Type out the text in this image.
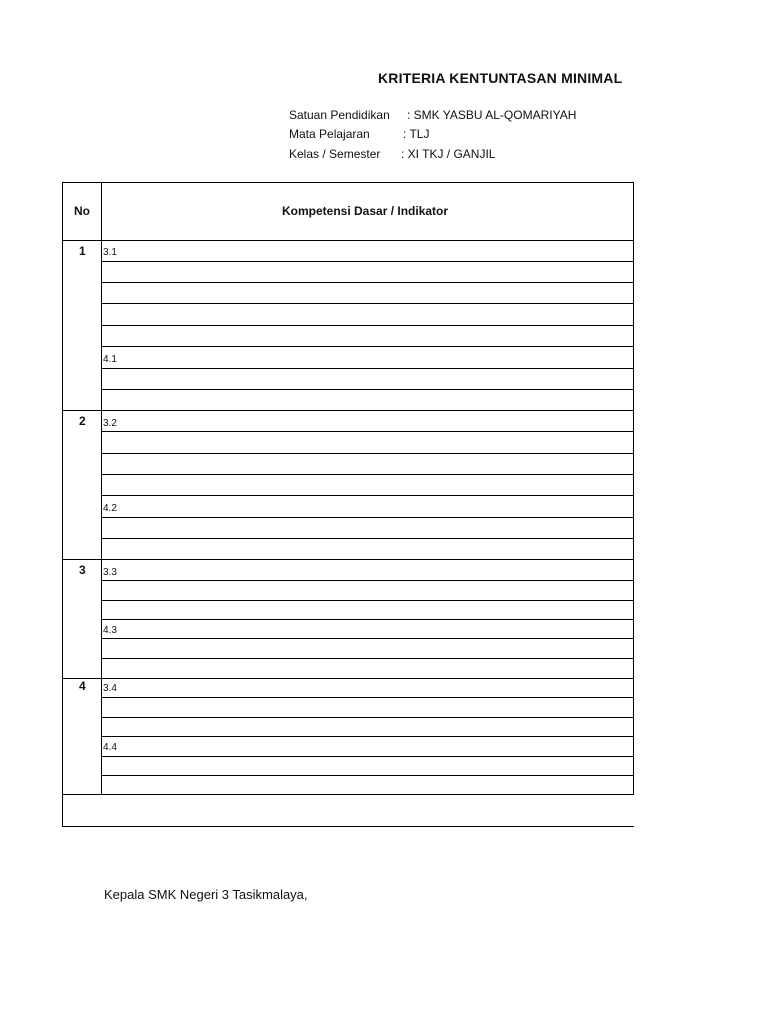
KRITERIA KENTUNTASAN MINIMAL
Satuan Pendidikan : SMK YASBU AL-QOMARIYAH
Mata Pelajaran	: TLJ
Kelas / Semester : XI TKJ / GANJIL
No	Kompetensi Dasar / Indikator
1 3.1
4.1
2 3.2
4.2
3 3.3
4.3
4 3.4
4.4
Kepala SMK Negeri 3 Tasikmalaya,
